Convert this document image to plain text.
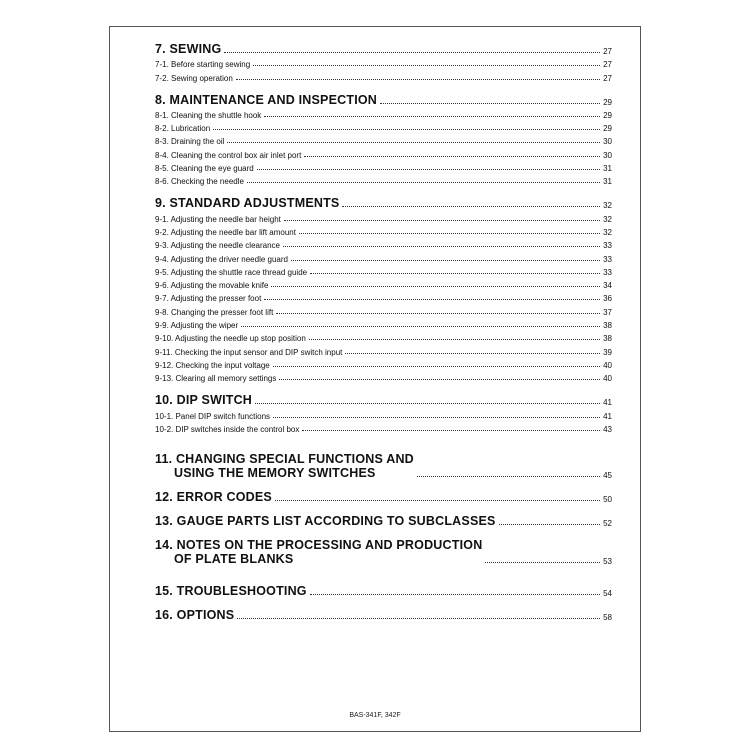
7. SEWING	27
7-1. Before starting sewing	27
7-2. Sewing operation	27
8. MAINTENANCE AND INSPECTION	29
8-1. Cleaning the shuttle hook	29
8-2. Lubrication	29
8-3. Draining the oil	30
8-4. Cleaning the control box air inlet port	30
8-5. Cleaning the eye guard	31
8-6. Checking the needle	31
9. STANDARD ADJUSTMENTS	32
9-1. Adjusting the needle bar height	32
9-2. Adjusting the needle bar lift amount	32
9-3. Adjusting the needle clearance	33
9-4. Adjusting the driver needle guard	33
9-5. Adjusting the shuttle race thread guide	33
9-6. Adjusting the movable knife	34
9-7. Adjusting the presser foot	36
9-8. Changing the presser foot lift	37
9-9. Adjusting the wiper	38
9-10. Adjusting the needle up stop position	38
9-11. Checking the input sensor and DIP switch input	39
9-12. Checking the input voltage	40
9-13. Clearing all memory settings	40
10. DIP SWITCH	41
10-1. Panel DIP switch functions	41
10-2. DIP switches inside the control box	43
11. CHANGING SPECIAL FUNCTIONS AND
USING THE MEMORY SWITCHES	45
12. ERROR CODES	50
13. GAUGE PARTS LIST ACCORDING TO SUBCLASSES	52
14. NOTES ON THE PROCESSING AND PRODUCTION
OF PLATE BLANKS	53
15. TROUBLESHOOTING	54
16. OPTIONS	58
BAS-341F, 342F
